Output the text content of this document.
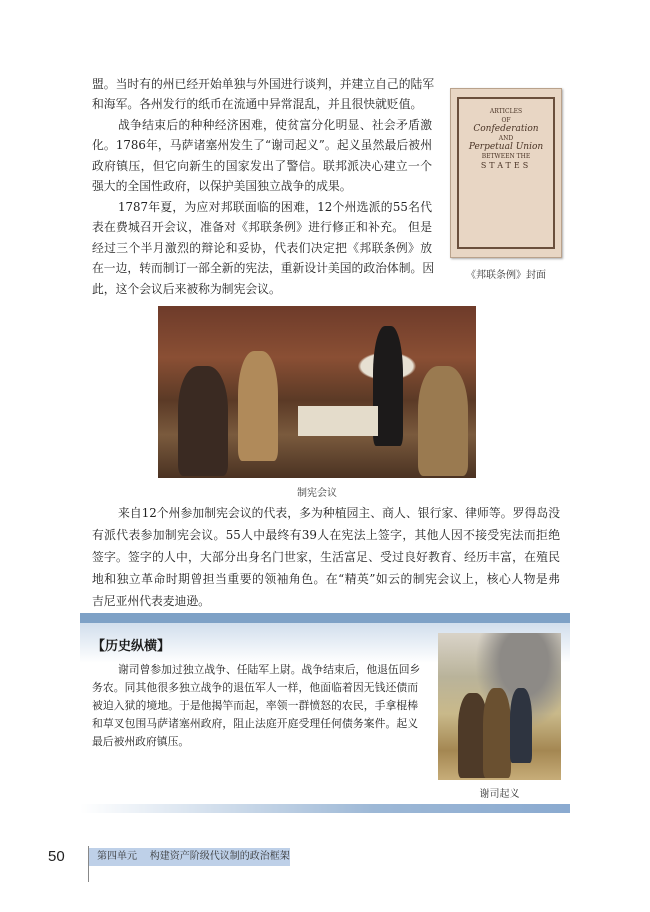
盟。当时有的州已经开始单独与外国进行谈判，并建立自己的陆军
和海军。各州发行的纸币在流通中异常混乱，并且很快就贬值。
战争结束后的种种经济困难，使贫富分化明显、社会矛盾激
化。1786年，马萨诸塞州发生了“谢司起义”。起义虽然最后被州
政府镇压，但它向新生的国家发出了警信。联邦派决心建立一个
强大的全国性政府，以保护美国独立战争的成果。
1787年夏，为应对邦联面临的困难，12个州选派的55名代
表在费城召开会议，准备对《邦联条例》进行修正和补充。 但是
经过三个半月激烈的辩论和妥协，代表们决定把《邦联条例》放
在一边，转而制订一部全新的宪法，重新设计美国的政治体制。因
此，这个会议后来被称为制宪会议。
ARTICLES
OF
Confederation
AND
Perpetual Union
BETWEEN THE
STATES
《邦联条例》封面
制宪会议
来自12个州参加制宪会议的代表，多为种植园主、商人、银行家、律师等。罗得岛没
有派代表参加制宪会议。55人中最终有39人在宪法上签字，其他人因不接受宪法而拒绝
签字。签字的人中，大部分出身名门世家，生活富足、受过良好教育、经历丰富，在殖民
地和独立革命时期曾担当重要的领袖角色。在“精英”如云的制宪会议上，核心人物是弗
吉尼亚州代表麦迪逊。
【历史纵横】
谢司曾参加过独立战争、任陆军上尉。战争结束后，他退伍回乡
务农。同其他很多独立战争的退伍军人一样，他面临着因无钱还债而
被迫入狱的境地。于是他揭竿而起，率领一群愤怒的农民，手拿棍棒
和草叉包围马萨诸塞州政府，阻止法庭开庭受理任何债务案件。起义
最后被州政府镇压。
谢司起义
50	第四单元    构建资产阶级代议制的政治框架
